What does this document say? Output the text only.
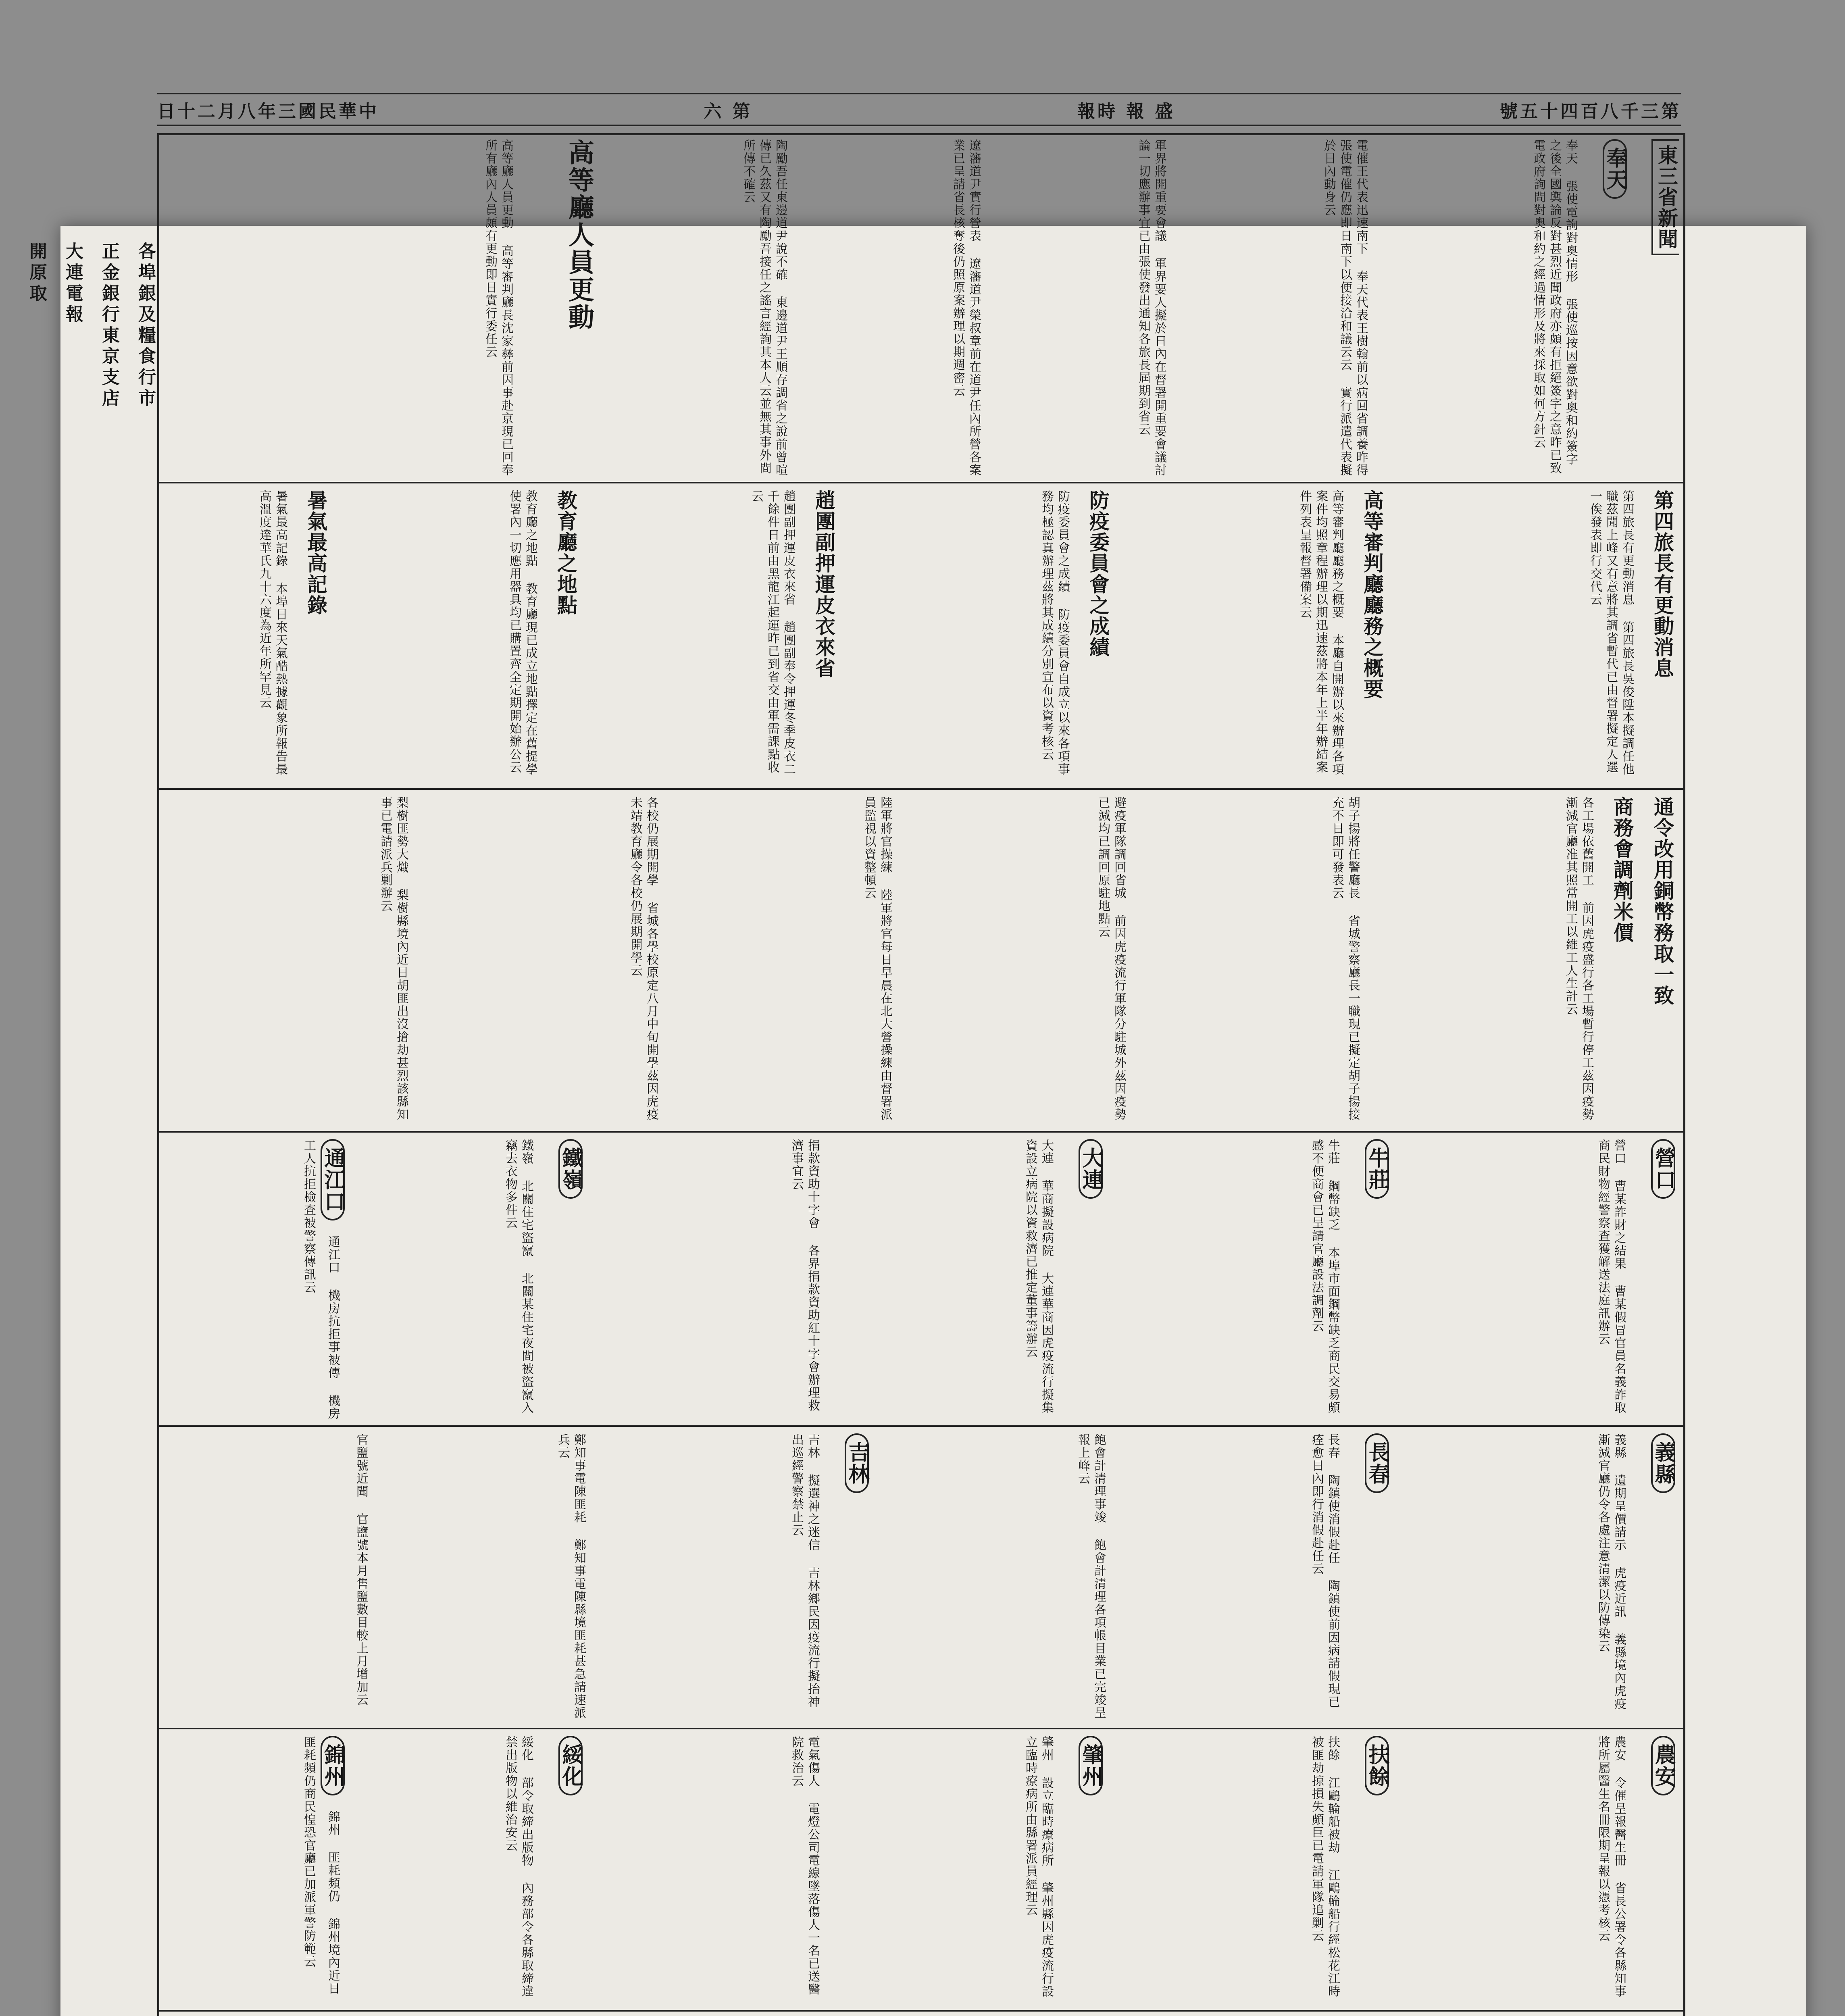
各埠銀及糧食行市
正金銀行東京支店
大連電報
開原取
號五十四百八千三第
報時 報 盛
六 第
日十二月八年三國民華中
東三省新聞
奉天
奉天 張使電詢對奧情形 張使巡按因意欲對奧和約簽字之後全國輿論反對甚烈近聞政府亦頗有拒絕簽字之意昨已致電政府詢問對奧和約之經過情形及將來採取如何方針云
電催王代表迅速南下 奉天代表王樹翰前以病回省調養昨得張使電催仍應即日南下以便接洽和議云云 實行派遣代表擬於日內動身云
軍界將開重要會議 軍界要人擬於日內在督署開重要會議討論一切應辦事宜已由張使發出通知各旅長屆期到省云
遼瀋道尹實行營表 遼瀋道尹榮叔章前在道尹任內所營各案業已呈請省長核奪後仍照原案辦理以期週密云
陶勵吾任東邊道尹說不確 東邊道尹王順存調省之說前曾喧傳已久茲又有陶勵吾接任之謠言經詢其本人云並無其事外間所傳不確云
高等廳人員更動
高等廳人員更動 高等審判廳長沈家彝前因事赴京現已回奉所有廳內人員頗有更動即日實行委任云
第四旅長有更動消息
第四旅長有更動消息 第四旅長吳俊陞本擬調任他職茲聞上峰又有意將其調省暫代已由督署擬定人選一俟發表即行交代云
高等審判廳廳務之概要
高等審判廳廳務之概要 本廳自開辦以來辦理各項案件均照章程辦理以期迅速茲將本年上半年辦結案件列表呈報督署備案云
防疫委員會之成績
防疫委員會之成績 防疫委員會自成立以來各項事務均極認真辦理茲將其成績分別宣布以資考核云
趙團副押運皮衣來省
趙團副押運皮衣來省 趙團副奉令押運冬季皮衣二千餘件日前由黑龍江起運昨已到省交由軍需課點收云
教育廳之地點
教育廳之地點 教育廳現已成立地點擇定在舊提學使署內一切應用器具均已購置齊全定期開始辦公云
暑氣最高記錄
暑氣最高記錄 本埠日來天氣酷熱據觀象所報告最高溫度達華氏九十六度為近年所罕見云
通令改用銅幣務取一致
商務會調劑米價
各工場依舊開工 前因虎疫盛行各工場暫行停工茲因疫勢漸減官廳准其照常開工以維工人生計云
胡子揚將任警廳長 省城警察廳長一職現已擬定胡子揚接充不日即可發表云
避疫軍隊調回省城 前因虎疫流行軍隊分駐城外茲因疫勢已減均已調回原駐地點云
陸軍將官操練 陸軍將官每日早晨在北大營操練由督署派員監視以資整頓云
各校仍展期開學 省城各學校原定八月中旬開學茲因虎疫未靖教育廳令各校仍展期開學云
梨樹匪勢大熾 梨樹縣境內近日胡匪出沒搶劫甚烈該縣知事已電請派兵剿辦云
營口
營口 曹某詐財之結果 曹某假冒官員名義詐取商民財物經警察查獲解送法庭訊辦云
牛莊
牛莊 鋼幣缺乏 本埠市面鋼幣缺乏商民交易頗感不便商會已呈請官廳設法調劑云
大連
大連 華商擬設病院 大連華商因虎疫流行擬集資設立病院以資救濟已推定董事籌辦云
捐款資助十字會 各界捐款資助紅十字會辦理救濟事宜云
鐵嶺
鐵嶺 北關住宅盜竄 北關某住宅夜間被盜竄入竊去衣物多件云
通江口 通江口 機房抗拒事被傳 機房工人抗拒檢查被警察傳訊云
義縣
義縣 遺期呈價請示 虎疫近訊 義縣境內虎疫漸減官廳仍令各處注意清潔以防傳染云
長春
長春 陶鎮使消假赴任 陶鎮使前因病請假現已痊愈日內即行消假赴任云
飽會計清理事竣 飽會計清理各項帳目業已完竣呈報上峰云
吉林
吉林 擬選神之迷信 吉林鄉民因疫流行擬抬神出巡經警察禁止云
鄭知事電陳匪耗 鄭知事電陳縣境匪耗甚急請速派兵云
官鹽號近聞 官鹽號本月售鹽數目較上月增加云
農安
農安 令催呈報醫生冊 省長公署令各縣知事將所屬醫生名冊限期呈報以憑考核云
扶餘
扶餘 江鷗輪船被劫 江鷗輪船行經松花江時被匪劫掠損失頗巨已電請軍隊追剿云
肇州
肇州 設立臨時療病所 肇州縣因虎疫流行設立臨時療病所由縣署派員經理云
電氣傷人 電燈公司電線墜落傷人一名已送醫院救治云
綏化
綏化 部令取締出版物 內務部令各縣取締違禁出版物以維治安云
錦州 錦州 匪耗頻仍 錦州境內近日匪耗頻仍商民惶恐官廳已加派軍警防範云
